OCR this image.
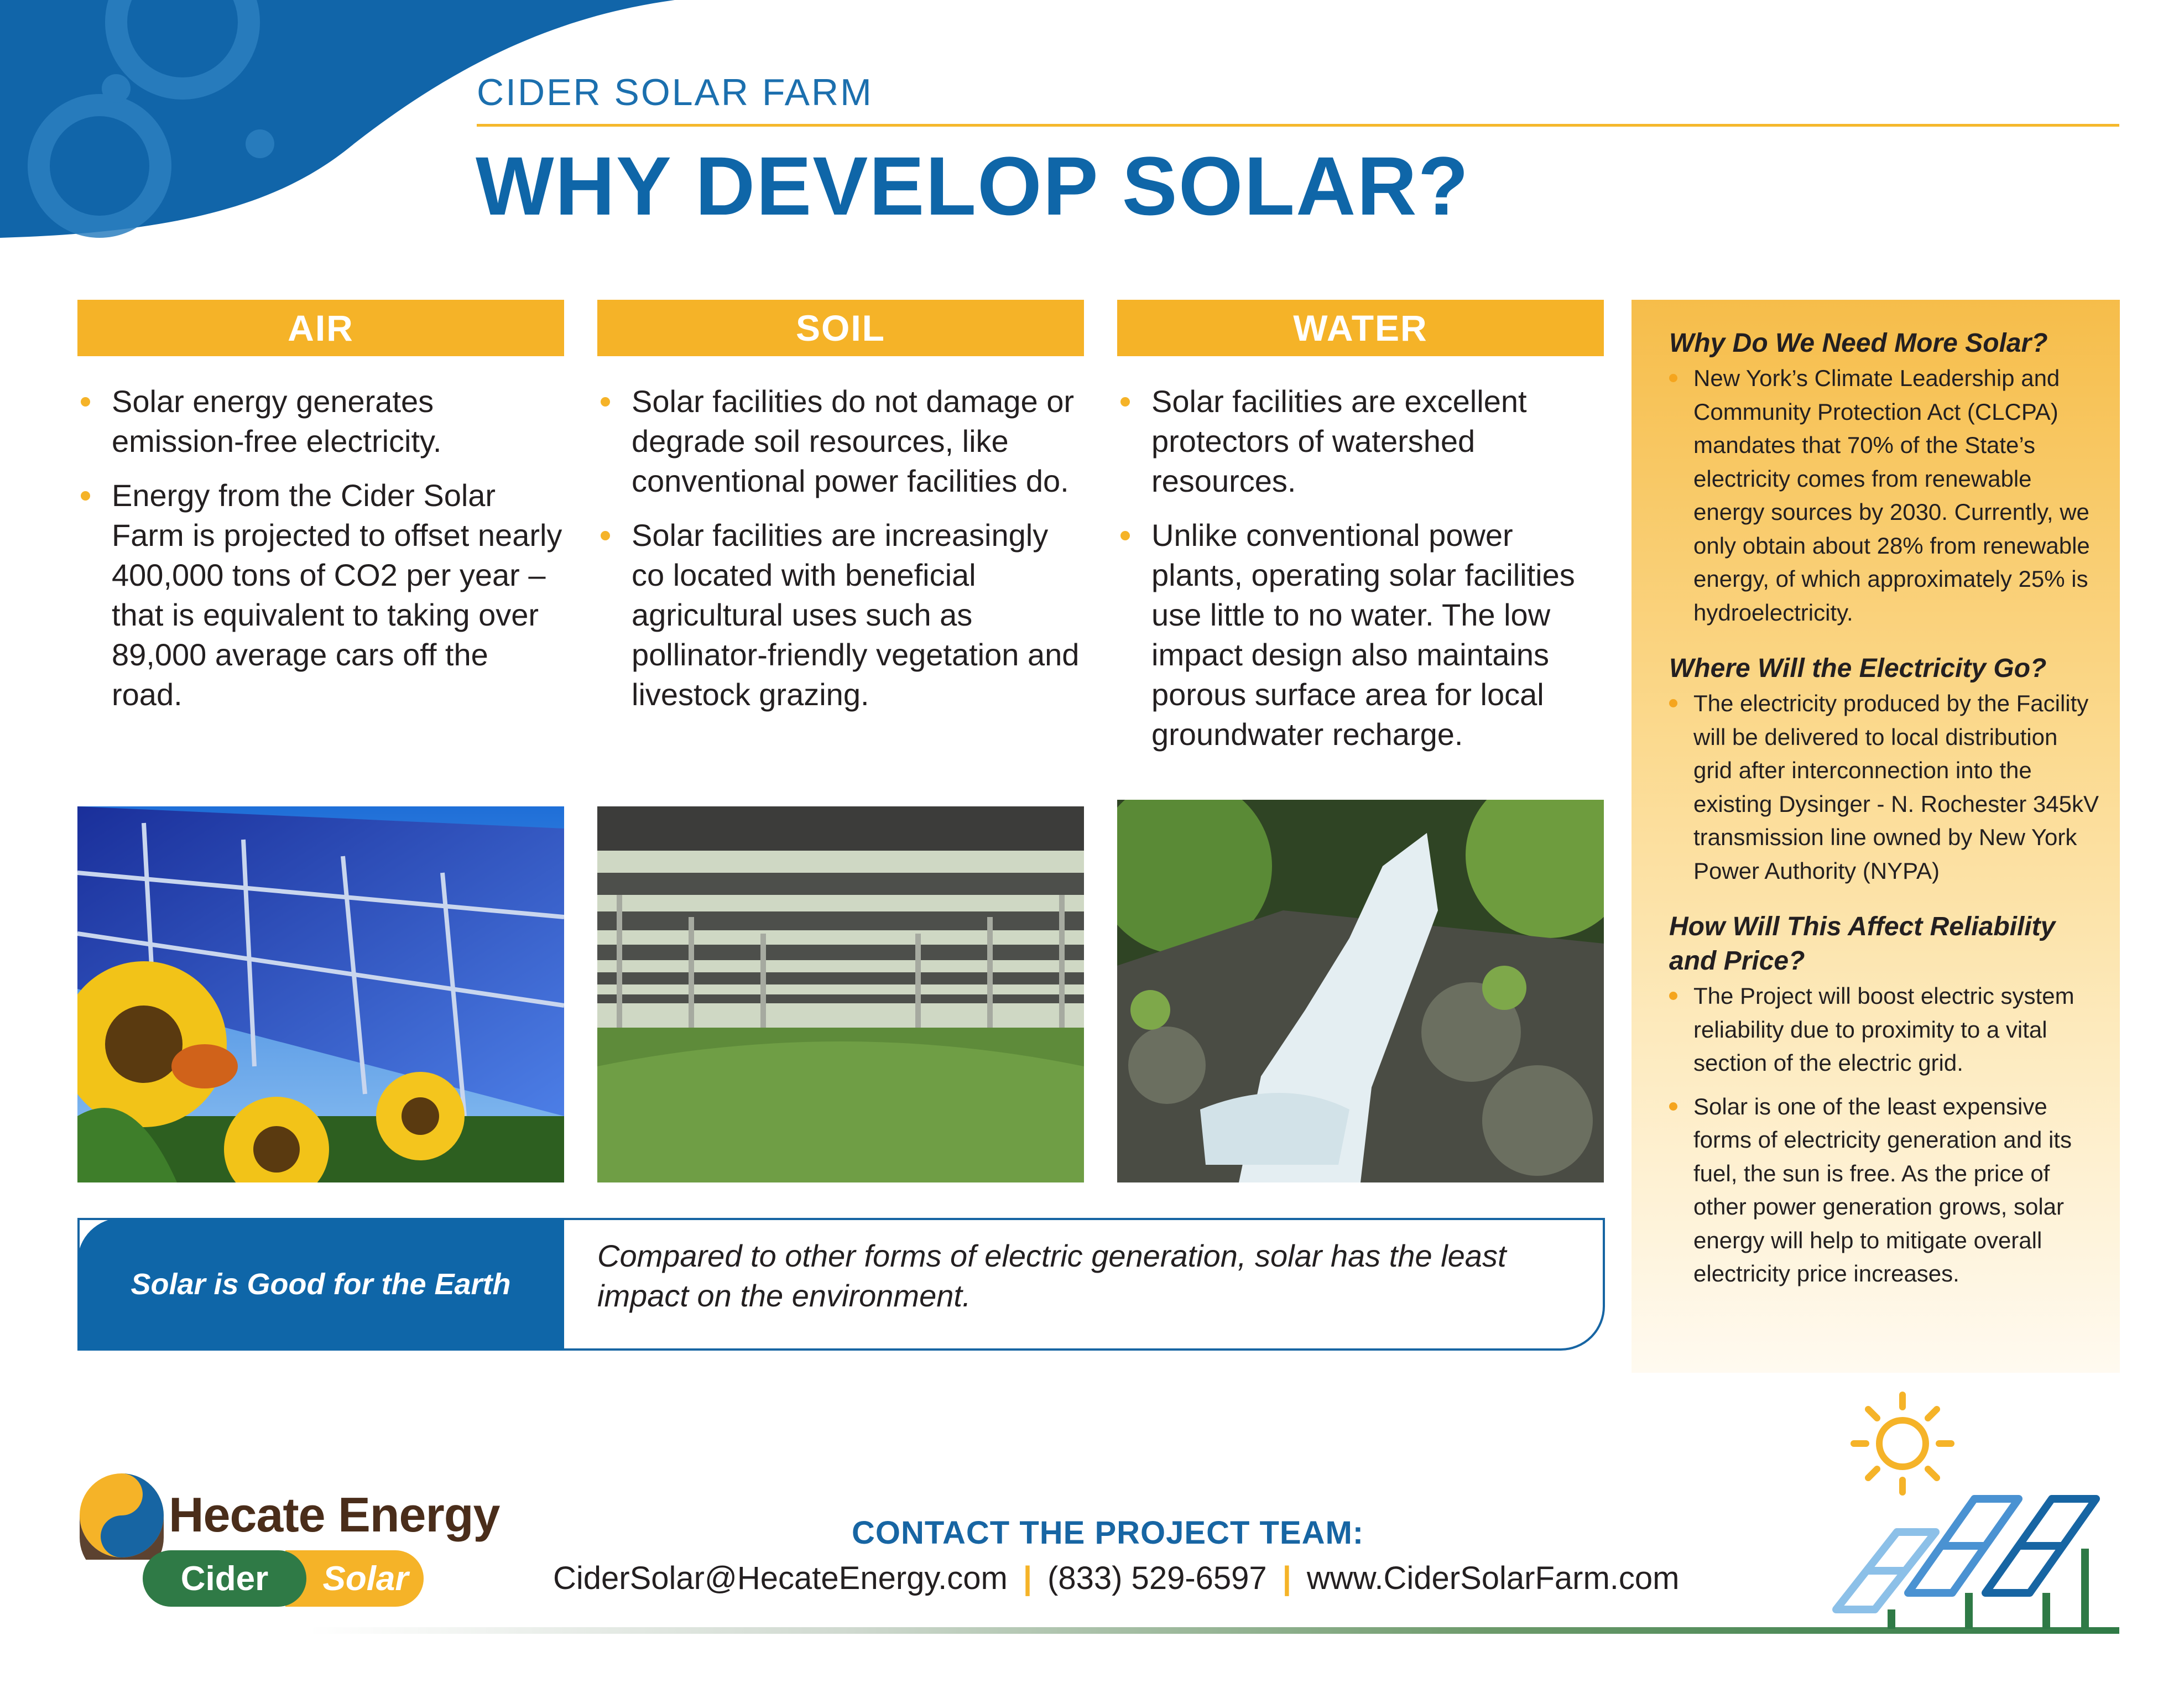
CIDER SOLAR FARM
WHY DEVELOP SOLAR?
AIR	SOIL	WATER
Solar energy generates emission-free electricity.
Energy from the Cider Solar Farm is projected to offset nearly 400,000 tons of CO2 per year – that is equivalent to taking over 89,000 average cars off the road.
Solar facilities do not damage or degrade soil resources, like conventional power facilities do.
Solar facilities are increasingly co located with beneficial agricultural uses such as pollinator-friendly vegetation and livestock grazing.
Solar facilities are excellent protectors of watershed resources.
Unlike conventional power plants, operating solar facilities use little to no water. The low impact design also maintains porous surface area for local groundwater recharge.
Why Do We Need More Solar?
New York’s Climate Leadership and Community Protection Act (CLCPA) mandates that 70% of the State’s electricity comes from renewable energy sources by 2030. Currently, we only obtain about 28% from renewable energy, of which approximately 25% is hydroelectricity.
Where Will the Electricity Go?
The electricity produced by the Facility will be delivered to local distribution grid after interconnection into the existing Dysinger - N. Rochester 345kV transmission line owned by New York Power Authority (NYPA)
How Will This Affect Reliability and Price?
The Project will boost electric system reliability due to proximity to a vital section of the electric grid.
Solar is one of the least expensive forms of electricity generation and its fuel, the sun is free. As the price of other power generation grows, solar energy will help to mitigate overall electricity price increases.
Solar is Good for the Earth
Compared to other forms of electric generation, solar has the least impact on the environment.
Hecate Energy
Solar
Cider
CONTACT THE PROJECT TEAM:
CiderSolar@HecateEnergy.com | (833) 529-6597 | www.CiderSolarFarm.com
